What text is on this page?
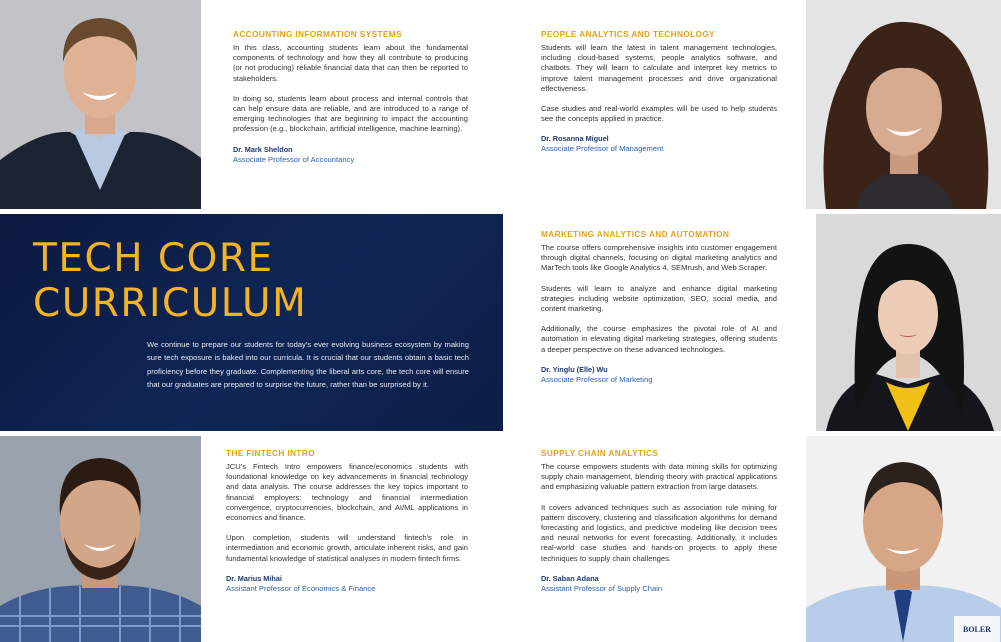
BOLER
TECH CORE
CURRICULUM

We continue to prepare our students for today's ever evolving business ecosystem by making sure tech exposure is baked into our curricula. It is crucial that our students obtain a basic tech proficiency before they graduate. Complementing the liberal arts core, the tech core will ensure that our graduates are prepared to surprise the future, rather than be surprised by it.

ACCOUNTING INFORMATION SYSTEMS

In this class, accounting students learn about the fundamental components of technology and how they all contribute to producing (or not producing) reliable financial data that can then be reported to stakeholders.

In doing so, students learn about process and internal controls that can help ensure data are reliable, and are introduced to a range of emerging technologies that are beginning to impact the accounting profession (e.g., blockchain, artificial intelligence, machine learning).

Dr. Mark Sheldon
Associate Professor of Accountancy
PEOPLE ANALYTICS AND TECHNOLOGY

Students will learn the latest in talent management technologies, including cloud-based systems, people analytics software, and chatbots. They will learn to calculate and interpret key metrics to improve talent management processes and drive organizational effectiveness.

Case studies and real-world examples will be used to help students see the concepts applied in practice.

Dr. Rosanna Miguel
Associate Professor of Management
MARKETING ANALYTICS AND AUTOMATION

The course offers comprehensive insights into customer engagement through digital channels, focusing on digital marketing analytics and MarTech tools like Google Analytics 4, SEMrush, and Web Scraper.

Students will learn to analyze and enhance digital marketing strategies including website optimization, SEO, social media, and content marketing.

Additionally, the course emphasizes the pivotal role of AI and automation in elevating digital marketing strategies, offering students a deeper perspective on these advanced technologies.

Dr. Yinglu (Elle) Wu
Associate Professor of Marketing
THE FINTECH INTRO

JCU's Fintech Intro empowers finance/economics students with foundational knowledge on key advancements in financial technology and data analysis. The course addresses the key topics important to financial employers: technology and financial intermediation convergence, cryptocurrencies, blockchain, and AI/ML applications in economics and finance.

Upon completion, students will understand fintech's role in intermediation and economic growth, articulate inherent risks, and gain fundamental knowledge of statistical analyses in modern fintech firms.

Dr. Marius Mihai
Assistant Professor of Economics & Finance
SUPPLY CHAIN ANALYTICS

The course empowers students with data mining skills for optimizing supply chain management, blending theory with practical applications and emphasizing valuable pattern extraction from large datasets.

It covers advanced techniques such as association rule mining for pattern discovery, clustering and classification algorithms for demand forecasting and logistics, and predictive modeling like decision trees and neural networks for event forecasting. Additionally, it includes real-world case studies and hands-on projects to apply these techniques to supply chain challenges.

Dr. Saban Adana
Assistant Professor of Supply Chain
